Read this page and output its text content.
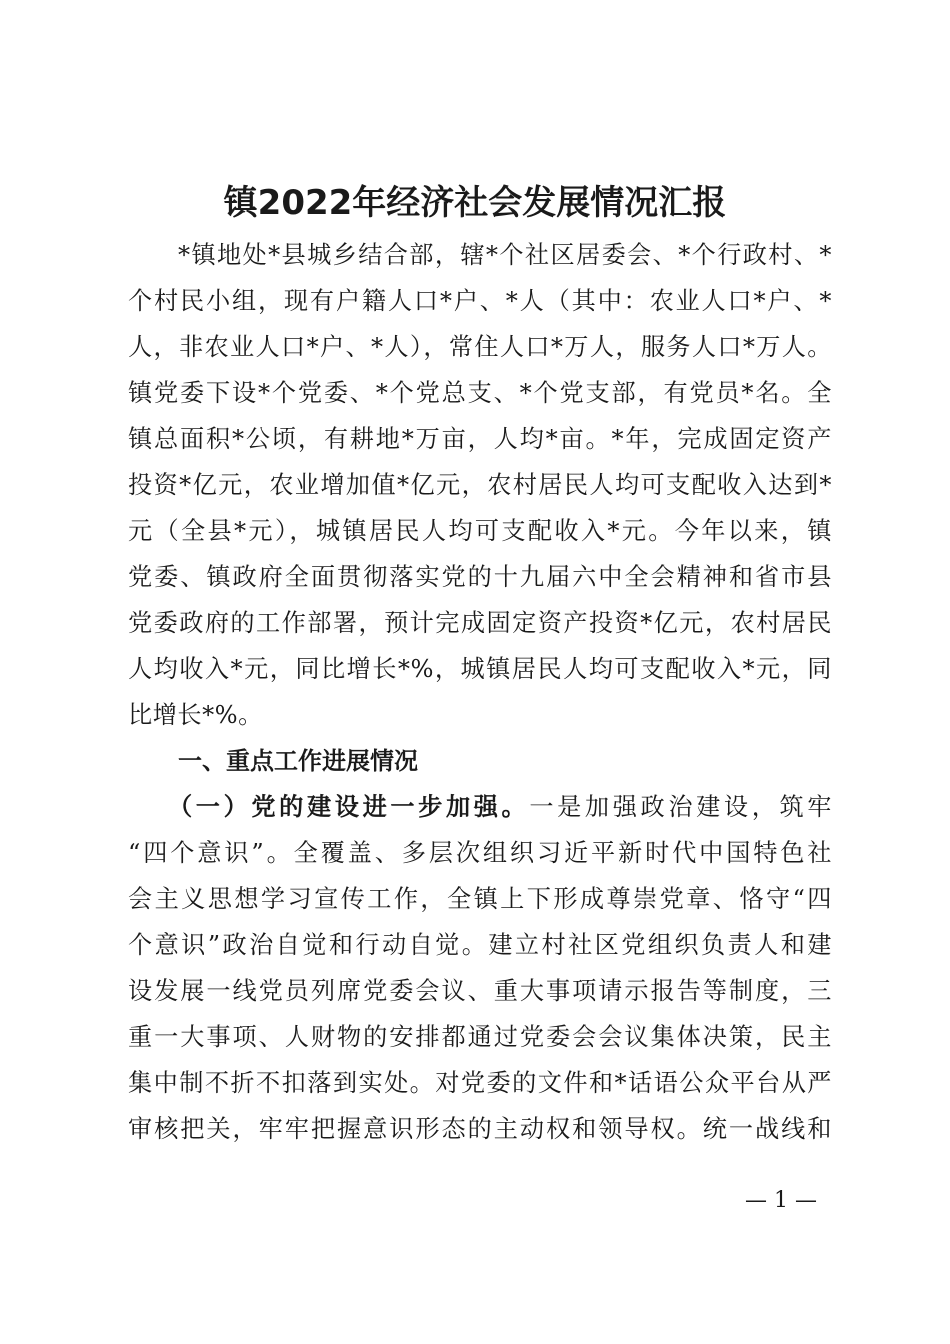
镇2022年经济社会发展情况汇报
*镇地处*县城乡结合部，辖*个社区居委会、*个行政村、*
个村民小组，现有户籍人口*户、*人（其中：农业人口*户、*
人，非农业人口*户、*人），常住人口*万人，服务人口*万人。
镇党委下设*个党委、*个党总支、*个党支部，有党员*名。全
镇总面积*公顷，有耕地*万亩，人均*亩。*年，完成固定资产
投资*亿元，农业增加值*亿元，农村居民人均可支配收入达到*
元（全县*元），城镇居民人均可支配收入*元。今年以来，镇
党委、镇政府全面贯彻落实党的十九届六中全会精神和省市县
党委政府的工作部署，预计完成固定资产投资*亿元，农村居民
人均收入*元，同比增长*%，城镇居民人均可支配收入*元，同
比增长*%。
一、重点工作进展情况
（一）党的建设进一步加强。一是加强政治建设，筑牢
“四个意识”。全覆盖、多层次组织习近平新时代中国特色社
会主义思想学习宣传工作，全镇上下形成尊崇党章、恪守“四
个意识”政治自觉和行动自觉。建立村社区党组织负责人和建
设发展一线党员列席党委会议、重大事项请示报告等制度，三
重一大事项、人财物的安排都通过党委会会议集体决策，民主
集中制不折不扣落到实处。对党委的文件和*话语公众平台从严
审核把关，牢牢把握意识形态的主动权和领导权。统一战线和
— 1 —
